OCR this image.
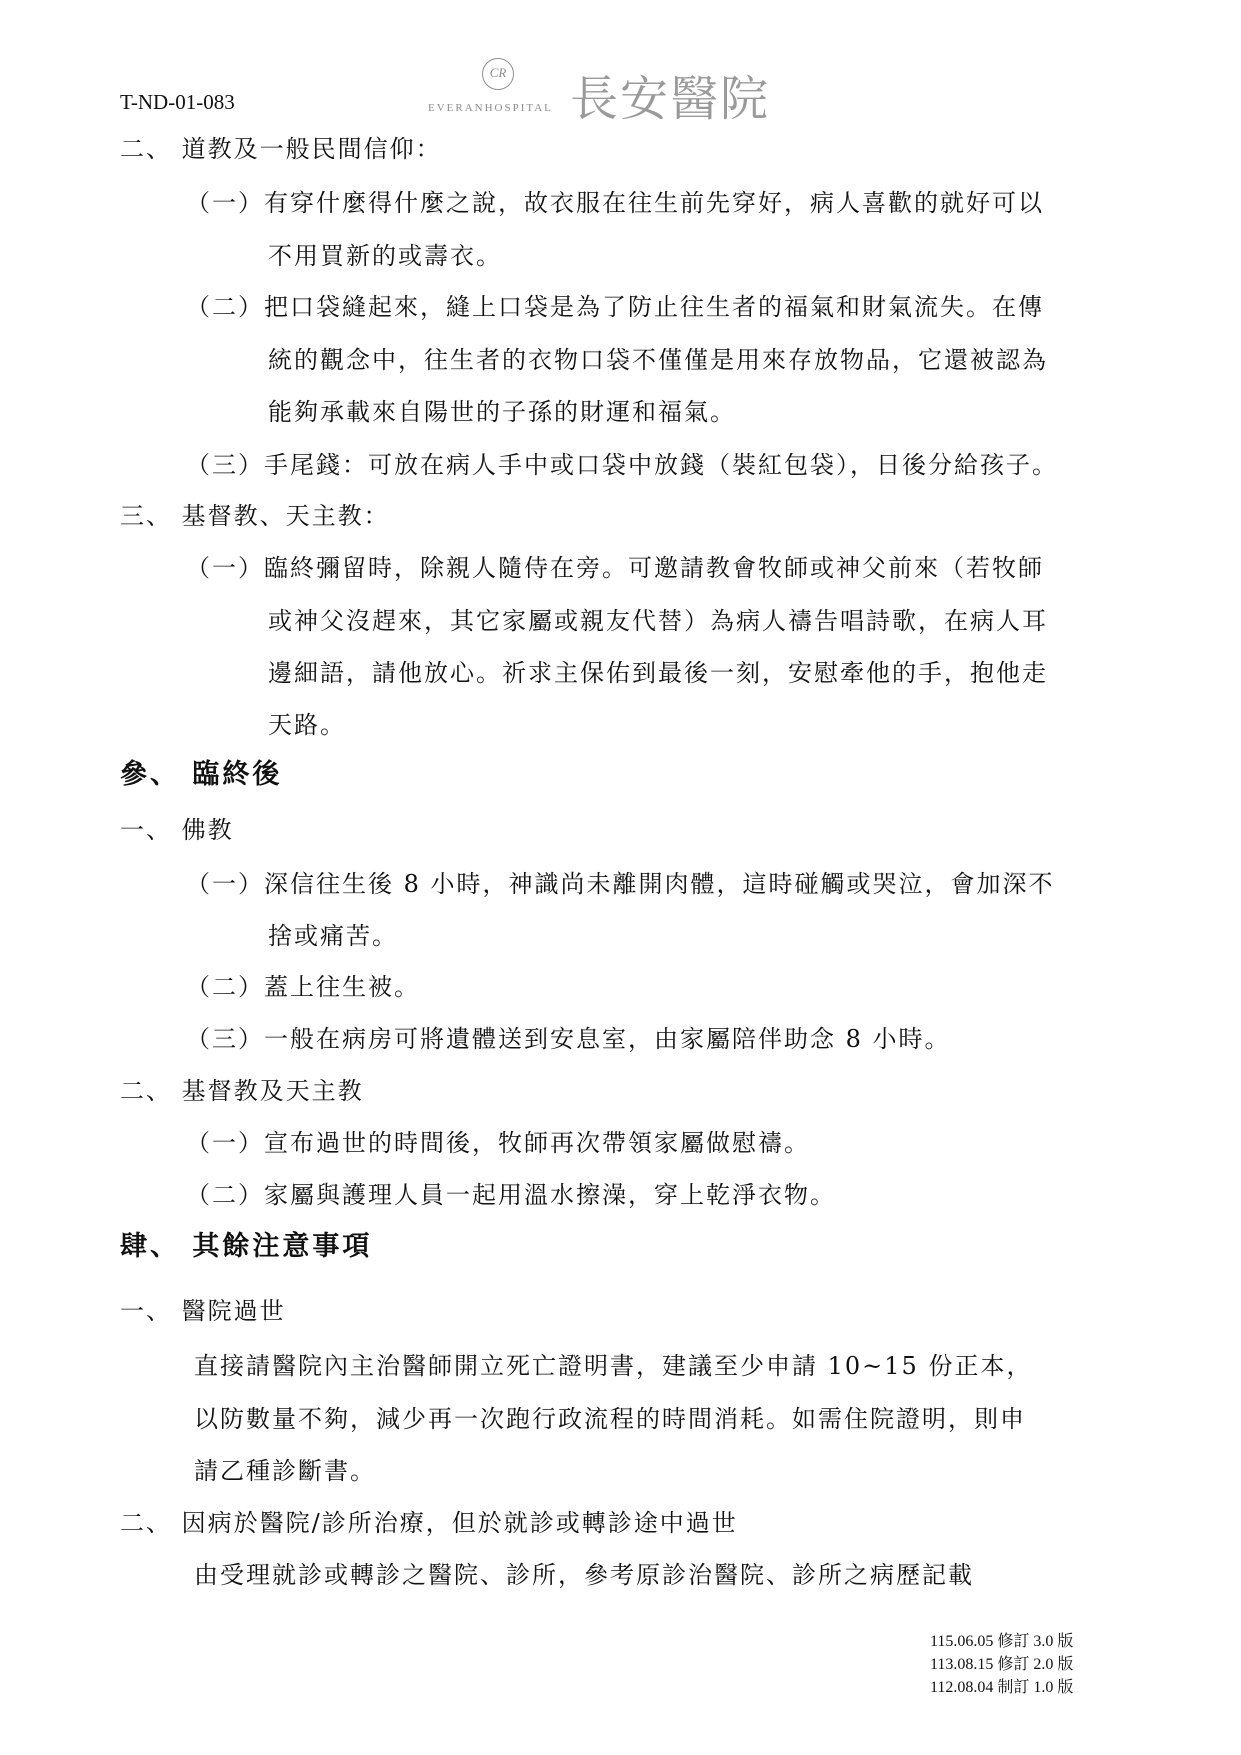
T-ND-01-083
CR
EVERANHOSPITAL 長安醫院
二、 道教及一般民間信仰：
（一）有穿什麼得什麼之說，故衣服在往生前先穿好，病人喜歡的就好可以
不用買新的或壽衣。
（二）把口袋縫起來，縫上口袋是為了防止往生者的福氣和財氣流失。在傳
統的觀念中，往生者的衣物口袋不僅僅是用來存放物品，它還被認為
能夠承載來自陽世的子孫的財運和福氣。
（三）手尾錢：可放在病人手中或口袋中放錢（裝紅包袋），日後分給孩子。
三、 基督教、天主教：
（一）臨終彌留時，除親人隨侍在旁。可邀請教會牧師或神父前來（若牧師
或神父沒趕來，其它家屬或親友代替）為病人禱告唱詩歌，在病人耳
邊細語，請他放心。祈求主保佑到最後一刻，安慰牽他的手，抱他走
天路。
參、 臨終後
一、 佛教
（一）深信往生後 8 小時，神識尚未離開肉體，這時碰觸或哭泣，會加深不
捨或痛苦。
（二）蓋上往生被。
（三）一般在病房可將遺體送到安息室，由家屬陪伴助念 8 小時。
二、 基督教及天主教
（一）宣布過世的時間後，牧師再次帶領家屬做慰禱。
（二）家屬與護理人員一起用溫水擦澡，穿上乾淨衣物。
肆、 其餘注意事項
一、 醫院過世
直接請醫院內主治醫師開立死亡證明書，建議至少申請 10~15 份正本，
以防數量不夠，減少再一次跑行政流程的時間消耗。如需住院證明，則申
請乙種診斷書。
二、 因病於醫院/診所治療，但於就診或轉診途中過世
由受理就診或轉診之醫院、診所，參考原診治醫院、診所之病歷記載
115.06.05 修訂 3.0 版
113.08.15 修訂 2.0 版
112.08.04 制訂 1.0 版
